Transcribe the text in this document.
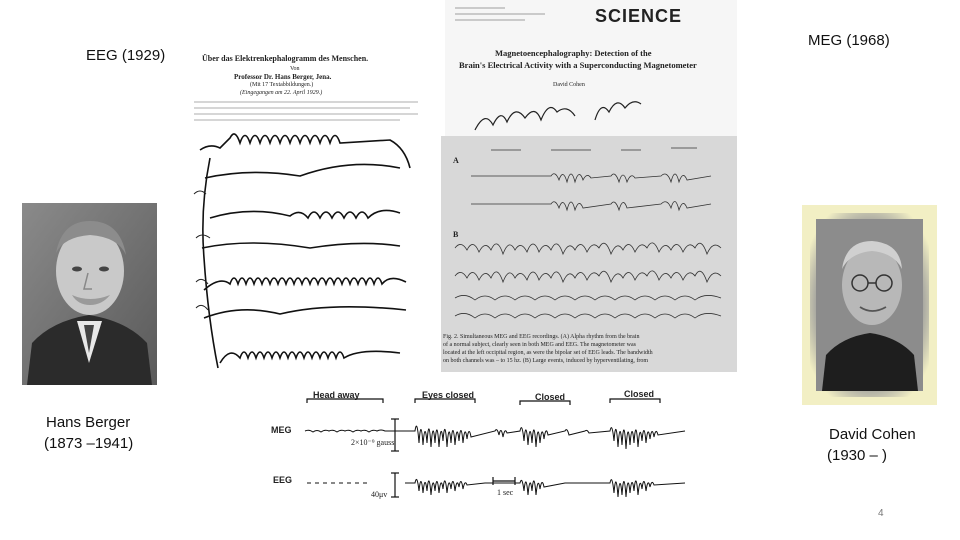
EEG (1929)
MEG (1968)
Hans Berger
(1873 –1941)
Über das Elektrenkephalogramm des Menschen.
Von
Professor Dr. Hans Berger, Jena.
(Mit 17 Textabbildungen.)
(Eingegangen am 22. April 1929.)
SCIENCE
Magnetoencephalography: Detection of the
Brain's Electrical Activity with a Superconducting Magnetometer
David Cohen
A
B
Fig. 2. Simultaneous MEG and EEG recordings. (A) Alpha rhythm from the brain
of a normal subject, clearly seen in both MEG and EEG. The magnetometer was
located at the left occipital region, as were the bipolar set of EEG leads. The bandwidth
on both channels was – to 15 hz. (B) Large events, induced by hyperventilating, from
David Cohen
(1930 – )
Head away	Eyes closed	Closed	Closed
MEG
EEG
2×10⁻⁹ gauss
40μv	1 sec
4
